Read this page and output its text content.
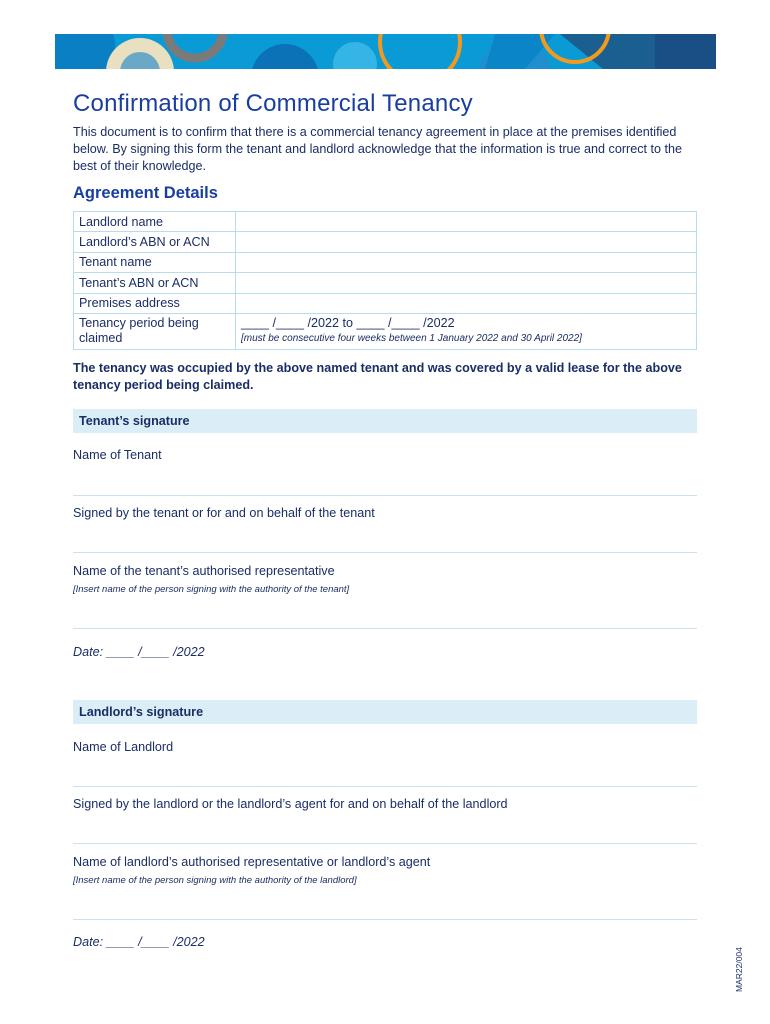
Confirmation of Commercial Tenancy

This document is to confirm that there is a commercial tenancy agreement in place at the premises identified below. By signing this form the tenant and landlord acknowledge that the information is true and correct to the best of their knowledge.

Agreement Details
Landlord name	
Landlord’s ABN or ACN	
Tenant name	
Tenant’s ABN or ACN	
Premises address	
Tenancy period being claimed	____ /____ /2022 to ____ /____ /2022
[must be consecutive four weeks between 1 January 2022 and 30 April 2022]

The tenancy was occupied by the above named tenant and was covered by a valid lease for the above tenancy period being claimed.

Tenant’s signature
Name of Tenant
Signed by the tenant or for and on behalf of the tenant
Name of the tenant’s authorised representative
[Insert name of the person signing with the authority of the tenant]
Date: ____ /____ /2022
Landlord’s signature
Name of Landlord
Signed by the landlord or the landlord’s agent for and on behalf of the landlord
Name of landlord’s authorised representative or landlord’s agent
[Insert name of the person signing with the authority of the landlord]
Date: ____ /____ /2022
MAR22/004
